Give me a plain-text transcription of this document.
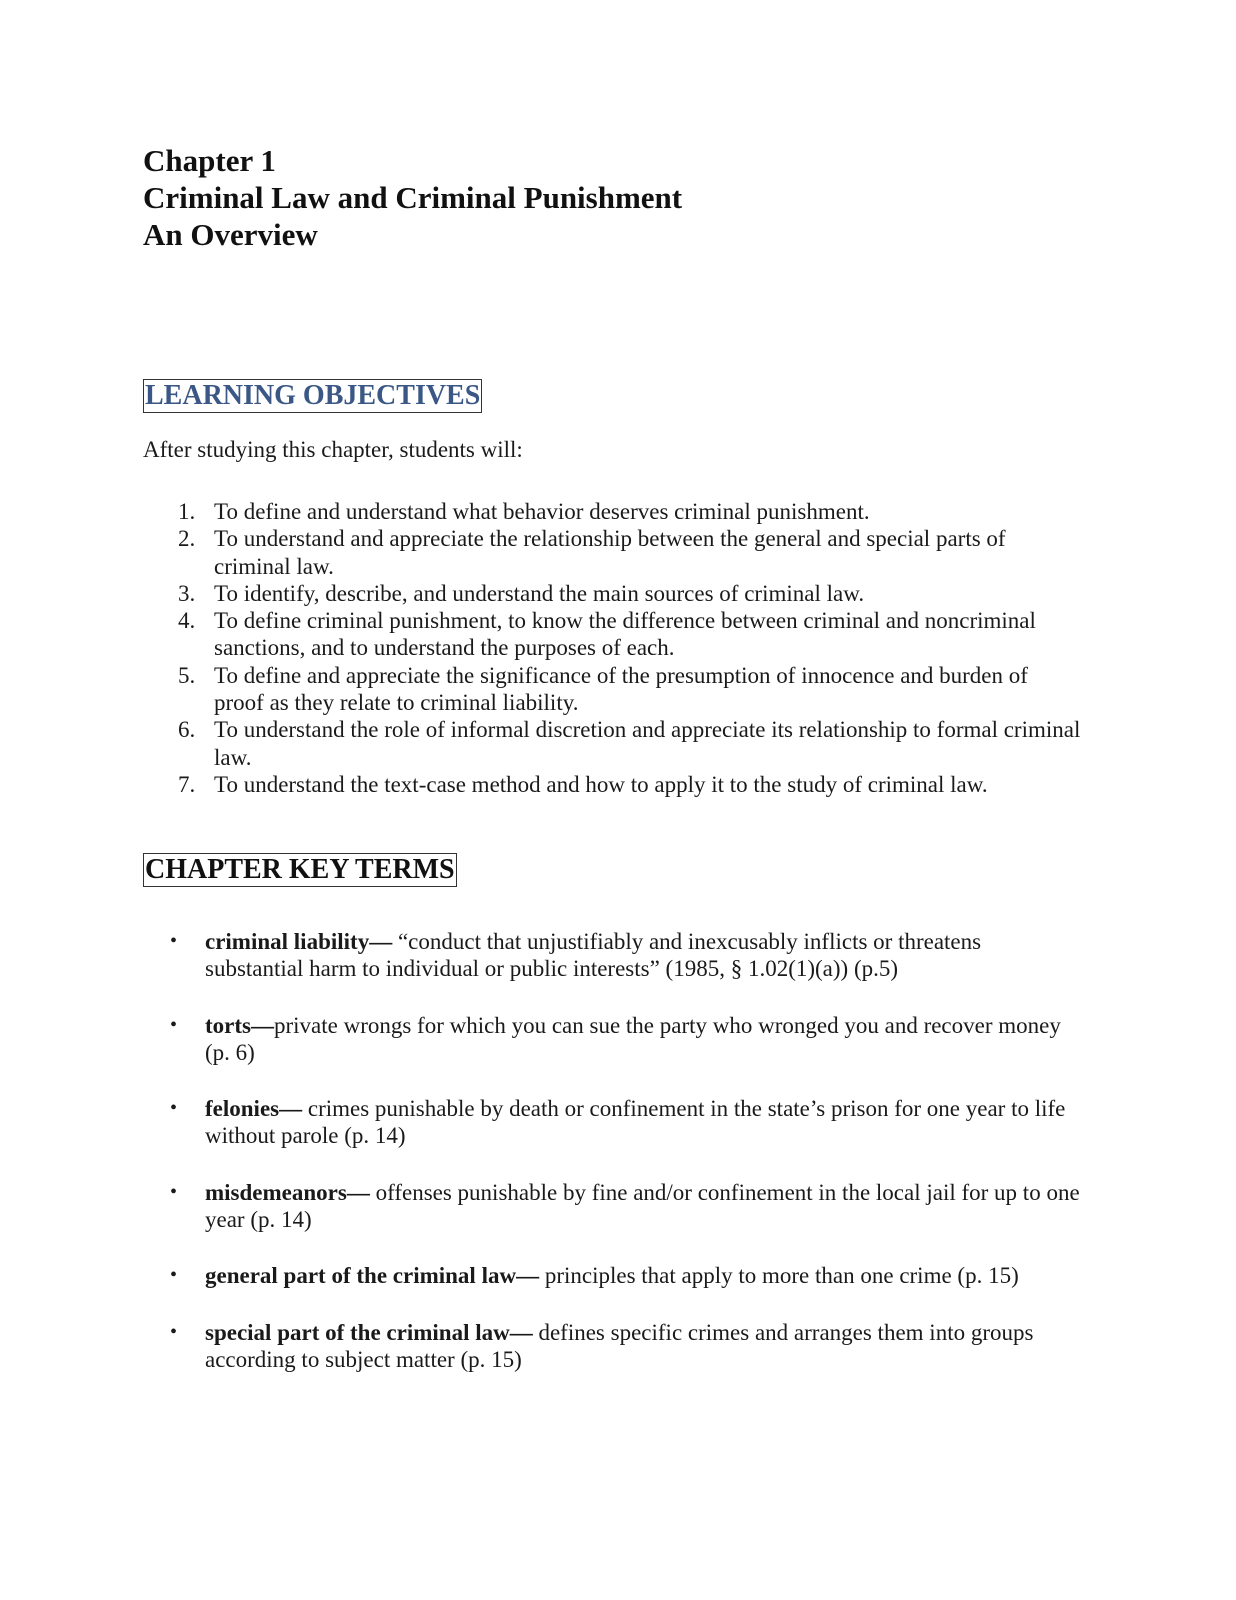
Chapter 1
Criminal Law and Criminal Punishment
An Overview
LEARNING OBJECTIVES
After studying this chapter, students will:
1. To define and understand what behavior deserves criminal punishment.
2. To understand and appreciate the relationship between the general and special parts of criminal law.
3. To identify, describe, and understand the main sources of criminal law.
4. To define criminal punishment, to know the difference between criminal and noncriminal sanctions, and to understand the purposes of each.
5. To define and appreciate the significance of the presumption of innocence and burden of proof as they relate to criminal liability.
6. To understand the role of informal discretion and appreciate its relationship to formal criminal law.
7. To understand the text-case method and how to apply it to the study of criminal law.
CHAPTER KEY TERMS
• criminal liability— “conduct that unjustifiably and inexcusably inflicts or threatens substantial harm to individual or public interests” (1985, § 1.02(1)(a)) (p.5)
• torts—private wrongs for which you can sue the party who wronged you and recover money (p. 6)
• felonies— crimes punishable by death or confinement in the state’s prison for one year to life without parole (p. 14)
• misdemeanors— offenses punishable by fine and/or confinement in the local jail for up to one year (p. 14)
• general part of the criminal law— principles that apply to more than one crime (p. 15)
• special part of the criminal law— defines specific crimes and arranges them into groups according to subject matter (p. 15)
